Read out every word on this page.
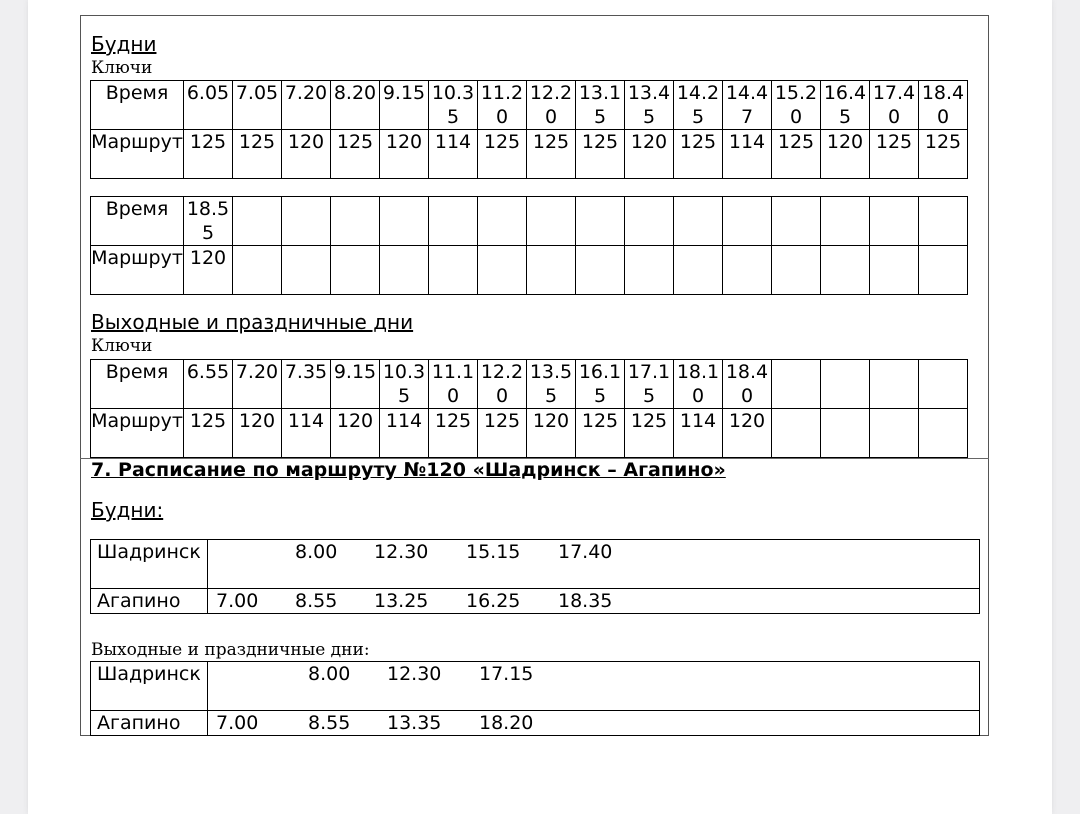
Будни
Ключи
Время	6.05	7.05	7.20	8.20	9.15	10.35	11.20	12.20	13.15	13.45	14.25	14.47	15.20	16.45	17.40	18.40
Маршрут	125	125	120	125	120	114	125	125	125	120	125	114	125	120	125	125
Время	18.55															
Маршрут	120															
Выходные и праздничные дни
Ключи
Время	6.55	7.20	7.35	9.15	10.35	11.10	12.20	13.55	16.15	17.15	18.10	18.40				
Маршрут	125	120	114	120	114	125	125	120	125	125	114	120				
7. Расписание по маршруту №120 «Шадринск – Агапино»
Будни:
Шадринск	8.00 12.30 15.15 17.40

Агапино	7.00 8.55 13.25 16.25 18.35
Выходные и праздничные дни:
Шадринск	8.00 12.30 17.15

Агапино	7.00 8.55 13.35 18.20
